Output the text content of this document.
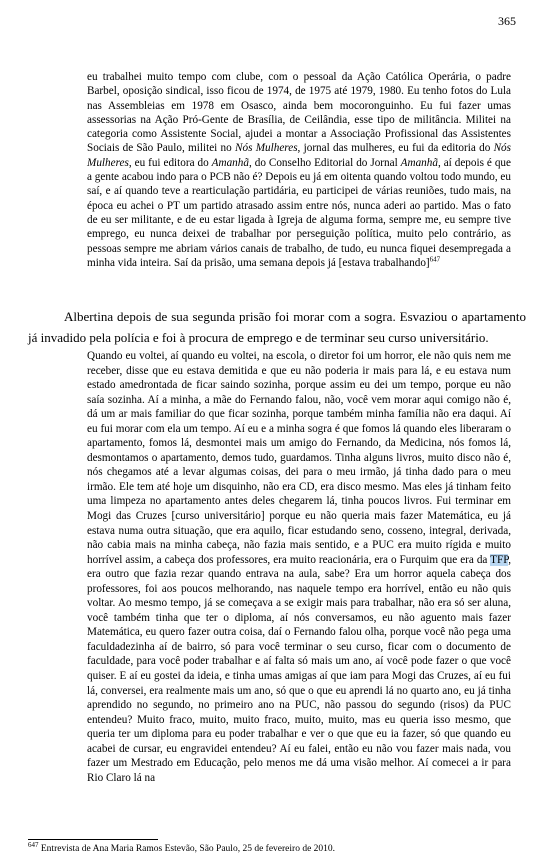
365

eu trabalhei muito tempo com clube, com o pessoal da Ação Católica Operária, o padre Barbel, oposição sindical, isso ficou de 1974, de 1975 até 1979, 1980. Eu tenho fotos do Lula nas Assembleias em 1978 em Osasco, ainda bem mocoronguinho. Eu fui fazer umas assessorias na Ação Pró-Gente de Brasília, de Ceilândia, esse tipo de militância. Militei na categoria como Assistente Social, ajudei a montar a Associação Profissional das Assistentes Sociais de São Paulo, militei no Nós Mulheres, jornal das mulheres, eu fui da editoria do Nós Mulheres, eu fui editora do Amanhã, do Conselho Editorial do Jornal Amanhã, aí depois é que a gente acabou indo para o PCB não é? Depois eu já em oitenta quando voltou todo mundo, eu saí, e aí quando teve a rearticulação partidária, eu participei de várias reuniões, tudo mais, na época eu achei o PT um partido atrasado assim entre nós, nunca aderi ao partido. Mas o fato de eu ser militante, e de eu estar ligada à Igreja de alguma forma, sempre me, eu sempre tive emprego, eu nunca deixei de trabalhar por perseguição política, muito pelo contrário, as pessoas sempre me abriam vários canais de trabalho, de tudo, eu nunca fiquei desempregada a minha vida inteira. Saí da prisão, uma semana depois já [estava trabalhando]$^{647}$

Albertina depois de sua segunda prisão foi morar com a sogra. Esvaziou o apartamento já invadido pela polícia e foi à procura de emprego e de terminar seu curso universitário.

Quando eu voltei, aí quando eu voltei, na escola, o diretor foi um horror, ele não quis nem me receber, disse que eu estava demitida e que eu não poderia ir mais para lá, e eu estava num estado amedrontada de ficar saindo sozinha, porque assim eu dei um tempo, porque eu não saía sozinha. Aí a minha, a mãe do Fernando falou, não, você vem morar aqui comigo não é, dá um ar mais familiar do que ficar sozinha, porque também minha família não era daqui. Aí eu fui morar com ela um tempo. Aí eu e a minha sogra é que fomos lá quando eles liberaram o apartamento, fomos lá, desmontei mais um amigo do Fernando, da Medicina, nós fomos lá, desmontamos o apartamento, demos tudo, guardamos. Tinha alguns livros, muito disco não é, nós chegamos até a levar algumas coisas, dei para o meu irmão, já tinha dado para o meu irmão. Ele tem até hoje um disquinho, não era CD, era disco mesmo. Mas eles já tinham feito uma limpeza no apartamento antes deles chegarem lá, tinha poucos livros. Fui terminar em Mogi das Cruzes [curso universitário] porque eu não queria mais fazer Matemática, eu já estava numa outra situação, que era aquilo, ficar estudando seno, cosseno, integral, derivada, não cabia mais na minha cabeça, não fazia mais sentido, e a PUC era muito rígida e muito horrível assim, a cabeça dos professores, era muito reacionária, era o Furquim que era da TFP, era outro que fazia rezar quando entrava na aula, sabe? Era um horror aquela cabeça dos professores, foi aos poucos melhorando, nas naquele tempo era horrível, então eu não quis voltar. Ao mesmo tempo, já se começava a se exigir mais para trabalhar, não era só ser aluna, você também tinha que ter o diploma, aí nós conversamos, eu não aguento mais fazer Matemática, eu quero fazer outra coisa, daí o Fernando falou olha, porque você não pega uma faculdadezinha aí de bairro, só para você terminar o seu curso, ficar com o documento de faculdade, para você poder trabalhar e aí falta só mais um ano, aí você pode fazer o que você quiser. E aí eu gostei da ideia, e tinha umas amigas aí que iam para Mogi das Cruzes, aí eu fui lá, conversei, era realmente mais um ano, só que o que eu aprendi lá no quarto ano, eu já tinha aprendido no segundo, no primeiro ano na PUC, não passou do segundo (risos) da PUC entendeu? Muito fraco, muito, muito fraco, muito, muito, mas eu queria isso mesmo, que queria ter um diploma para eu poder trabalhar e ver o que que eu ia fazer, só que quando eu acabei de cursar, eu engravidei entendeu? Aí eu falei, então eu não vou fazer mais nada, vou fazer um Mestrado em Educação, pelo menos me dá uma visão melhor. Aí comecei a ir para Rio Claro lá na

$^{647}$ Entrevista de Ana Maria Ramos Estevão, São Paulo, 25 de fevereiro de 2010.
